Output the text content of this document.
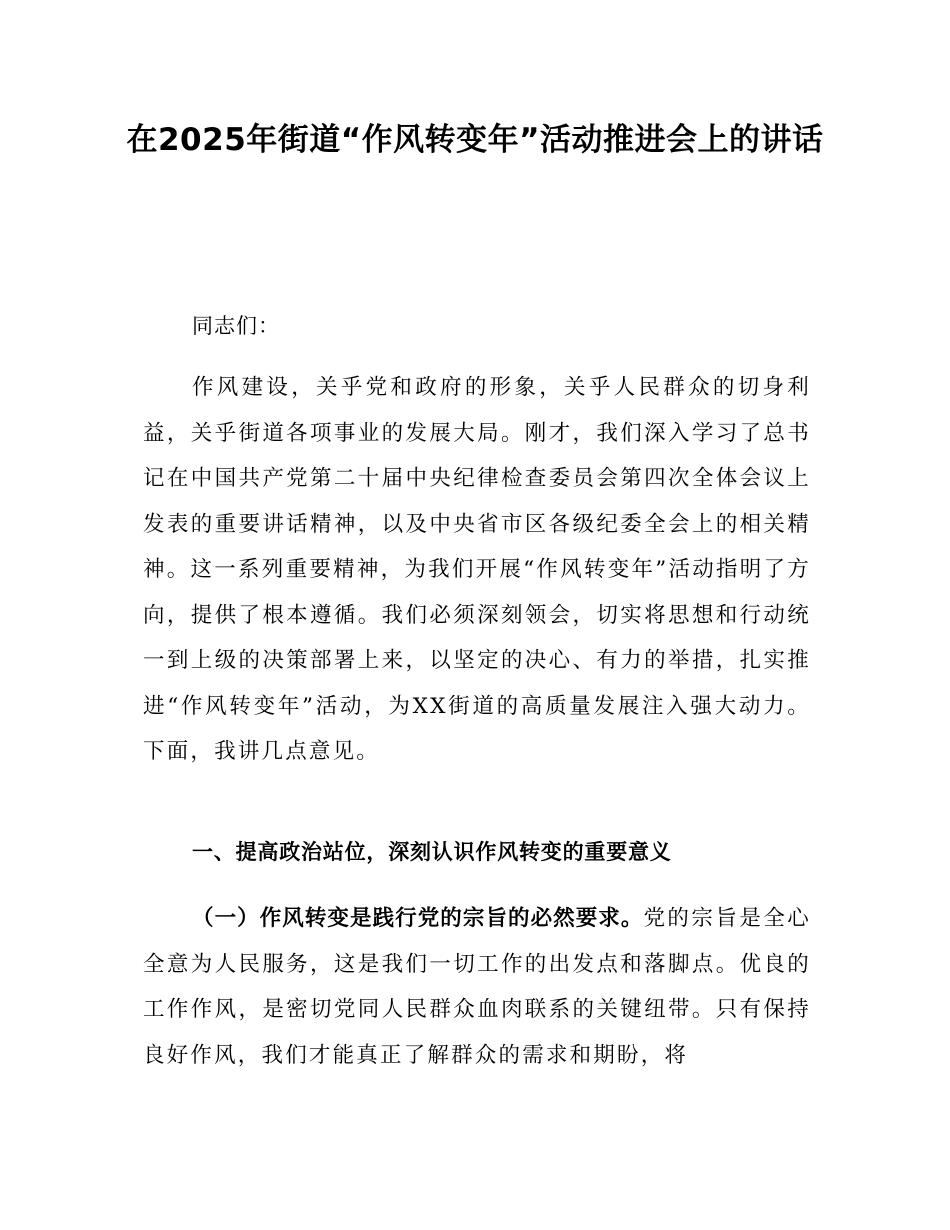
在2025年街道“作风转变年”活动推进会上的讲话
同志们：

作风建设，关乎党和政府的形象，关乎人民群众的切身利益，关乎街道各项事业的发展大局。刚才，我们深入学习了总书记在中国共产党第二十届中央纪律检查委员会第四次全体会议上发表的重要讲话精神，以及中央省市区各级纪委全会上的相关精神。这一系列重要精神，为我们开展“作风转变年”活动指明了方向，提供了根本遵循。我们必须深刻领会，切实将思想和行动统一到上级的决策部署上来，以坚定的决心、有力的举措，扎实推进“作风转变年”活动，为XX街道的高质量发展注入强大动力。下面，我讲几点意见。

一、提高政治站位，深刻认识作风转变的重要意义

（一）作风转变是践行党的宗旨的必然要求。党的宗旨是全心全意为人民服务，这是我们一切工作的出发点和落脚点。优良的工作作风，是密切党同人民群众血肉联系的关键纽带。只有保持良好作风，我们才能真正了解群众的需求和期盼，将
